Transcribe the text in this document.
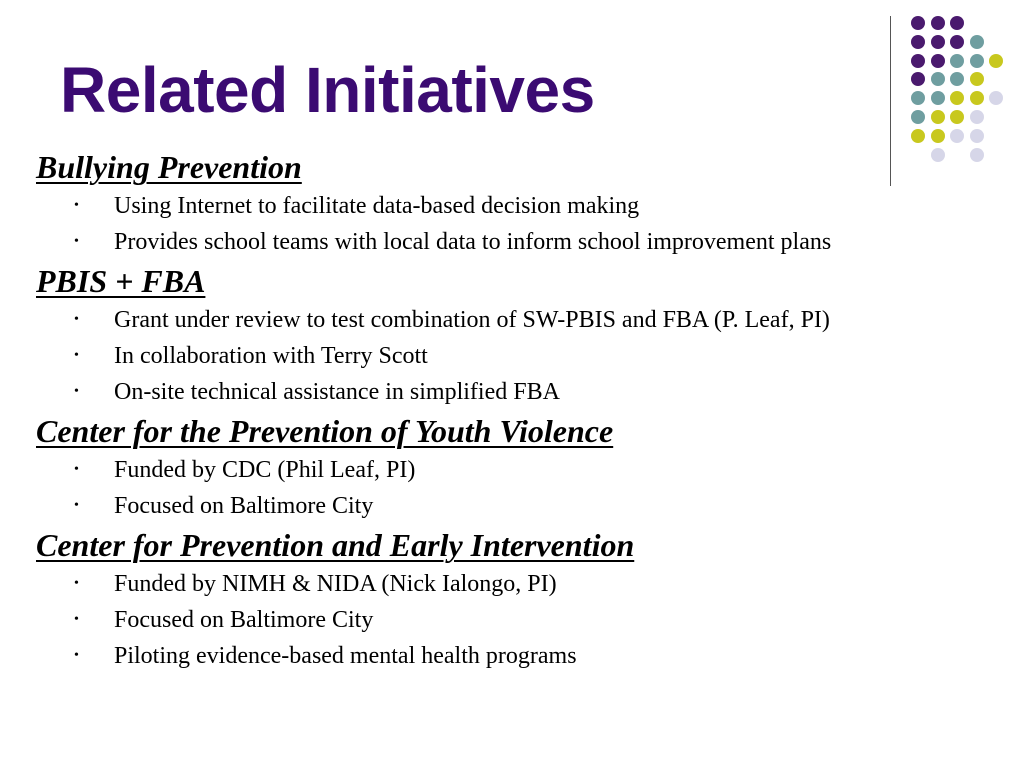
Related Initiatives
Bullying Prevention
• Using Internet to facilitate data-based decision making
• Provides school teams with local data to inform school improvement plans
PBIS + FBA
• Grant under review to test combination of SW-PBIS and FBA (P. Leaf, PI)
• In collaboration with Terry Scott
• On-site technical assistance in simplified FBA
Center for the Prevention of Youth Violence
• Funded by CDC (Phil Leaf, PI)
• Focused on Baltimore City
Center for Prevention and Early Intervention
• Funded by NIMH & NIDA (Nick Ialongo, PI)
• Focused on Baltimore City
• Piloting evidence-based mental health programs
